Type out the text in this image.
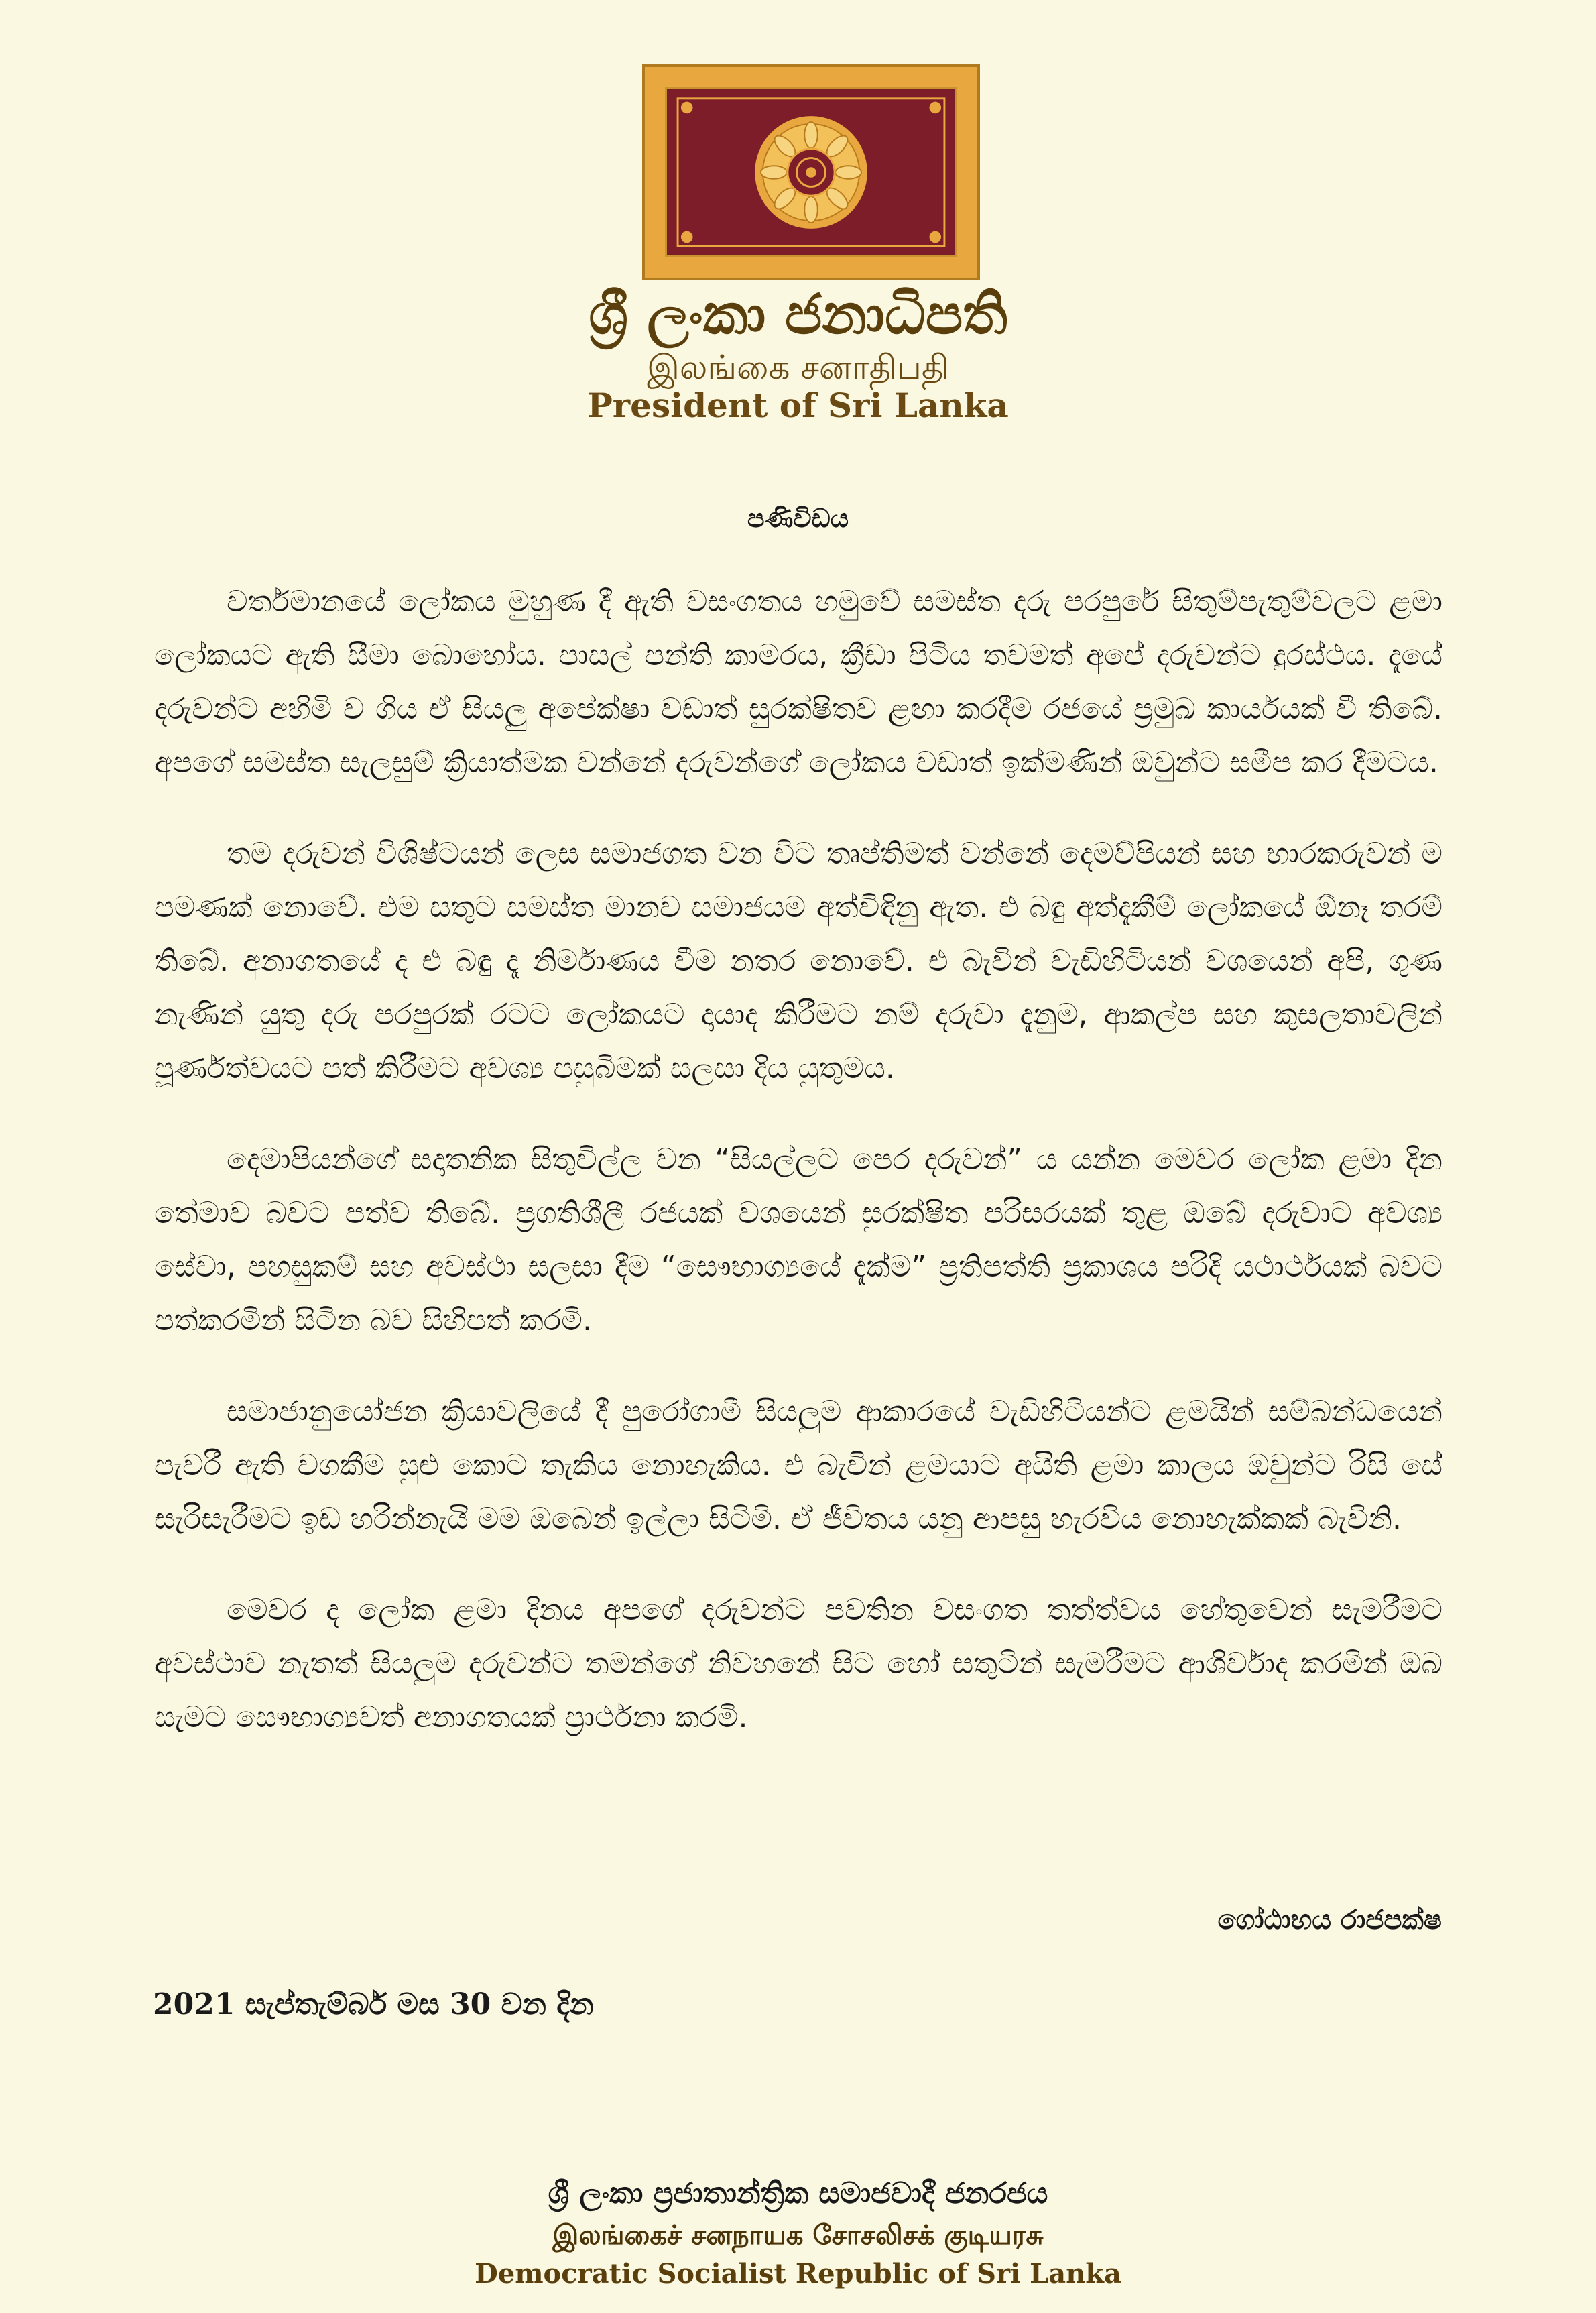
ශ්‍රී ලංකා ජනාධිපති
இலங்கை சனாதிபதி
President of Sri Lanka
පණිවිඩය

වර්තමානයේ ලෝකය මුහුණ දී ඇති වසංගතය හමුවේ සමස්ත දරු පරපුරේ සිතුම්පැතුම්වලට ළමා ලෝකයට ඇති සීමා බොහෝය. පාසල් පන්ති කාමරය, ක්‍රීඩා පිටිය තවමත් අපේ දරුවන්ට දුරස්ථය. දැයේ දරුවන්ට අහිමි ව ගිය ඒ සියලු අපේක්ෂා වඩාත් සුරක්ෂිතව ළඟා කරදීම රජයේ ප්‍රමුඛ කාර්යයක් වී තිබේ. අපගේ සමස්ත සැලසුම් ක්‍රියාත්මක වන්නේ දරුවන්ගේ ලෝකය වඩාත් ඉක්මණින් ඔවුන්ට සමීප කර දීමටය.

තම දරුවන් විශිෂ්ටයන් ලෙස සමාජගත වන විට තෘප්තිමත් වන්නේ දෙමව්පියන් සහ භාරකරුවන් ම පමණක් නොවේ. එම සතුට සමස්ත මානව සමාජයම අත්විඳිනු ඇත. එ බඳු අත්දැකීම් ලෝකයේ ඕනෑ තරම් තිබේ. අනාගතයේ ද එ බඳු දෑ නිර්මාණය වීම නතර නොවේ. එ බැවින් වැඩිහිටියන් වශයෙන් අපි, ගුණ නැණින් යුතු දරු පරපුරක් රටට ලෝකයට දායාද කිරීමට නම් දරුවා දැනුම, ආකල්ප සහ කුසලතාවලින් පූර්ණත්වයට පත් කිරීමට අවශ්‍ය පසුබිමක් සලසා දිය යුතුමය.

දෙමාපියන්ගේ සදාතනික සිතුවිල්ල වන “සියල්ලට පෙර දරුවන්” ය යන්න මෙවර ලෝක ළමා දින තේමාව බවට පත්ව තිබේ. ප්‍රගතිශීලී රජයක් වශයෙන් සුරක්ෂිත පරිසරයක් තුළ ඔබේ දරුවාට අවශ්‍ය සේවා, පහසුකම් සහ අවස්ථා සලසා දීම “සෞභාග්‍යයේ දැක්ම” ප්‍රතිපත්ති ප්‍රකාශය පරිදි යථාර්ථයක් බවට පත්කරමින් සිටින බව සිහිපත් කරමි.

සමාජානුයෝජන ක්‍රියාවලියේ දී පුරෝගාමී සියලුම ආකාරයේ වැඩිහිටියන්ට ළමයින් සම්බන්ධයෙන් පැවරී ඇති වගකීම සුළු කොට තැකිය නොහැකිය. එ බැවින් ළමයාට අයිති ළමා කාලය ඔවුන්ට රිසි සේ සැරිසැරීමට ඉඩ හරින්නැයි මම ඔබෙන් ඉල්ලා සිටිමි. ඒ ජීවිතය යනු ආපසු හැරවිය නොහැක්කක් බැවිනි.

මෙවර ද ලෝක ළමා දිනය අපගේ දරුවන්ට පවතින වසංගත තත්ත්වය හේතුවෙන් සැමරීමට අවස්ථාව නැතත් සියලුම දරුවන්ට තමන්ගේ නිවහනේ සිට හෝ සතුටින් සැමරීමට ආශිර්වාද කරමින් ඔබ සැමට සෞභාග්‍යවත් අනාගතයක් ප්‍රාර්ථනා කරමි.

ගෝඨාභය රාජපක්ෂ
2021 සැප්තැම්බර් මස 30 වන දින
ශ්‍රී ලංකා ප්‍රජාතාන්ත්‍රික සමාජවාදී ජනරජය
இலங்கைச் சனநாயக சோசலிசக் குடியரசு
Democratic Socialist Republic of Sri Lanka
